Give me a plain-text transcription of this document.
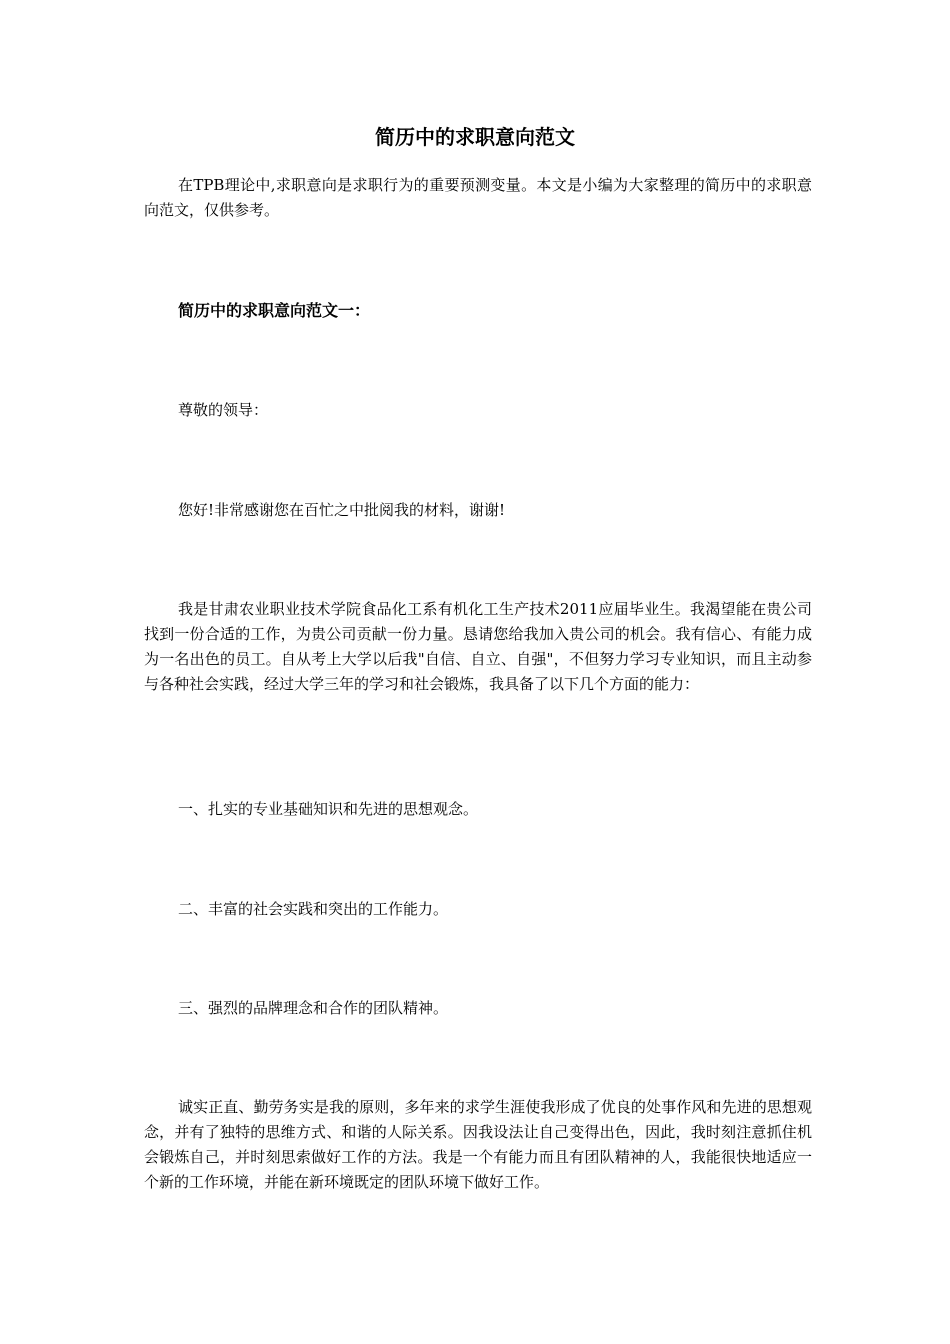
简历中的求职意向范文
在TPB理论中,求职意向是求职行为的重要预测变量。本文是小编为大家整理的简历中的求职意向范文，仅供参考。
简历中的求职意向范文一：
尊敬的领导：
您好!非常感谢您在百忙之中批阅我的材料，谢谢!
我是甘肃农业职业技术学院食品化工系有机化工生产技术2011应届毕业生。我渴望能在贵公司找到一份合适的工作，为贵公司贡献一份力量。恳请您给我加入贵公司的机会。我有信心、有能力成为一名出色的员工。自从考上大学以后我"自信、自立、自强"，不但努力学习专业知识，而且主动参与各种社会实践，经过大学三年的学习和社会锻炼，我具备了以下几个方面的能力：
一、扎实的专业基础知识和先进的思想观念。
二、丰富的社会实践和突出的工作能力。
三、强烈的品牌理念和合作的团队精神。
诚实正直、勤劳务实是我的原则，多年来的求学生涯使我形成了优良的处事作风和先进的思想观念，并有了独特的思维方式、和谐的人际关系。因我设法让自己变得出色，因此，我时刻注意抓住机会锻炼自己，并时刻思索做好工作的方法。我是一个有能力而且有团队精神的人，我能很快地适应一个新的工作环境，并能在新环境既定的团队环境下做好工作。
